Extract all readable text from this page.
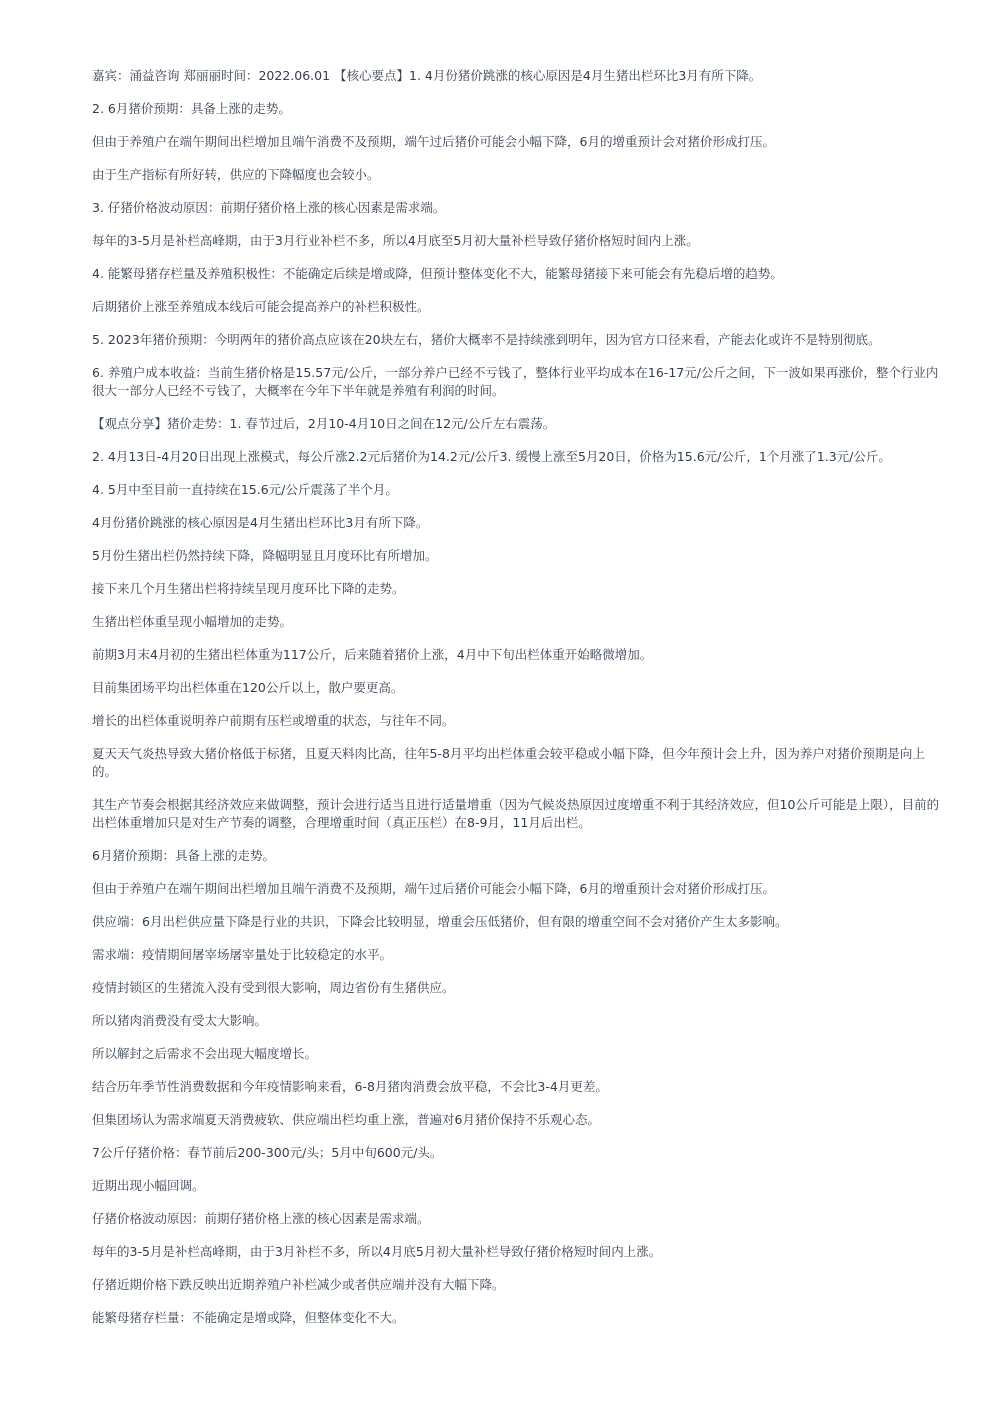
嘉宾：涌益咨询 郑丽丽时间：2022.06.01 【核心要点】1. 4月份猪价跳涨的核心原因是4月生猪出栏环比3月有所下降。

2. 6月猪价预期：具备上涨的走势。

但由于养殖户在端午期间出栏增加且端午消费不及预期，端午过后猪价可能会小幅下降，6月的增重预计会对猪价形成打压。

由于生产指标有所好转，供应的下降幅度也会较小。

3. 仔猪价格波动原因：前期仔猪价格上涨的核心因素是需求端。

每年的3-5月是补栏高峰期，由于3月行业补栏不多，所以4月底至5月初大量补栏导致仔猪价格短时间内上涨。

4. 能繁母猪存栏量及养殖积极性：不能确定后续是增或降，但预计整体变化不大，能繁母猪接下来可能会有先稳后增的趋势。

后期猪价上涨至养殖成本线后可能会提高养户的补栏积极性。

5. 2023年猪价预期：今明两年的猪价高点应该在20块左右，猪价大概率不是持续涨到明年，因为官方口径来看，产能去化或许不是特别彻底。

6. 养殖户成本收益：当前生猪价格是15.57元/公斤，一部分养户已经不亏钱了，整体行业平均成本在16-17元/公斤之间，下一波如果再涨价，整个行业内很大一部分人已经不亏钱了，大概率在今年下半年就是养殖有利润的时间。

【观点分享】猪价走势：1. 春节过后，2月10-4月10日之间在12元/公斤左右震荡。

2. 4月13日-4月20日出现上涨模式，每公斤涨2.2元后猪价为14.2元/公斤3. 缓慢上涨至5月20日，价格为15.6元/公斤，1个月涨了1.3元/公斤。

4. 5月中至目前一直持续在15.6元/公斤震荡了半个月。

4月份猪价跳涨的核心原因是4月生猪出栏环比3月有所下降。

5月份生猪出栏仍然持续下降，降幅明显且月度环比有所增加。

接下来几个月生猪出栏将持续呈现月度环比下降的走势。

生猪出栏体重呈现小幅增加的走势。

前期3月末4月初的生猪出栏体重为117公斤，后来随着猪价上涨，4月中下旬出栏体重开始略微增加。

目前集团场平均出栏体重在120公斤以上，散户要更高。

增长的出栏体重说明养户前期有压栏或增重的状态，与往年不同。

夏天天气炎热导致大猪价格低于标猪，且夏天料肉比高，往年5-8月平均出栏体重会较平稳或小幅下降，但今年预计会上升，因为养户对猪价预期是向上的。

其生产节奏会根据其经济效应来做调整，预计会进行适当且进行适量增重（因为气候炎热原因过度增重不利于其经济效应，但10公斤可能是上限），目前的出栏体重增加只是对生产节奏的调整，合理增重时间（真正压栏）在8-9月，11月后出栏。

6月猪价预期：具备上涨的走势。

但由于养殖户在端午期间出栏增加且端午消费不及预期，端午过后猪价可能会小幅下降，6月的增重预计会对猪价形成打压。

供应端：6月出栏供应量下降是行业的共识，下降会比较明显，增重会压低猪价，但有限的增重空间不会对猪价产生太多影响。

需求端：疫情期间屠宰场屠宰量处于比较稳定的水平。

疫情封锁区的生猪流入没有受到很大影响，周边省份有生猪供应。

所以猪肉消费没有受太大影响。

所以解封之后需求不会出现大幅度增长。

结合历年季节性消费数据和今年疫情影响来看，6-8月猪肉消费会放平稳，不会比3-4月更差。

但集团场认为需求端夏天消费疲软、供应端出栏均重上涨，普遍对6月猪价保持不乐观心态。

7公斤仔猪价格：春节前后200-300元/头；5月中旬600元/头。

近期出现小幅回调。

仔猪价格波动原因：前期仔猪价格上涨的核心因素是需求端。

每年的3-5月是补栏高峰期，由于3月补栏不多，所以4月底5月初大量补栏导致仔猪价格短时间内上涨。

仔猪近期价格下跌反映出近期养殖户补栏减少或者供应端并没有大幅下降。

能繁母猪存栏量：不能确定是增或降，但整体变化不大。
